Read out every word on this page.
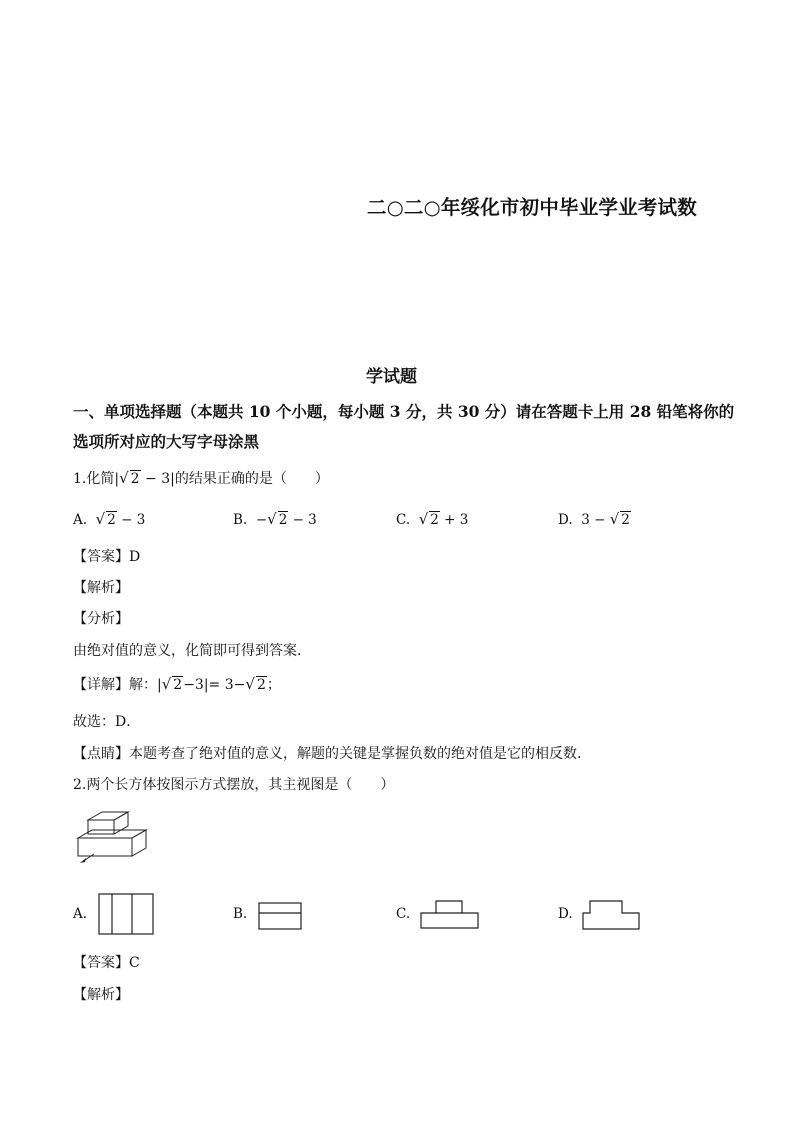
二○二○年绥化市初中毕业学业考试数
学试题
一、单项选择题（本题共 10 个小题，每小题 3 分，共 30 分）请在答题卡上用 28 铅笔将你的
选项所对应的大写字母涂黑
1.化简|√ 2 − 3|的结果正确的是（　　）
A. √ 2 − 3	B. −√ 2 − 3	C. √ 2 + 3	D. 3 − √ 2
【答案】D
【解析】
【分析】
由绝对值的意义，化简即可得到答案．
【详解】解：|√ 2−3|= 3−√ 2；
故选：D．
【点睛】本题考查了绝对值的意义，解题的关键是掌握负数的绝对值是它的相反数．
2.两个长方体按图示方式摆放，其主视图是（　　）
A.	B.	C.	D.
【答案】C
【解析】
